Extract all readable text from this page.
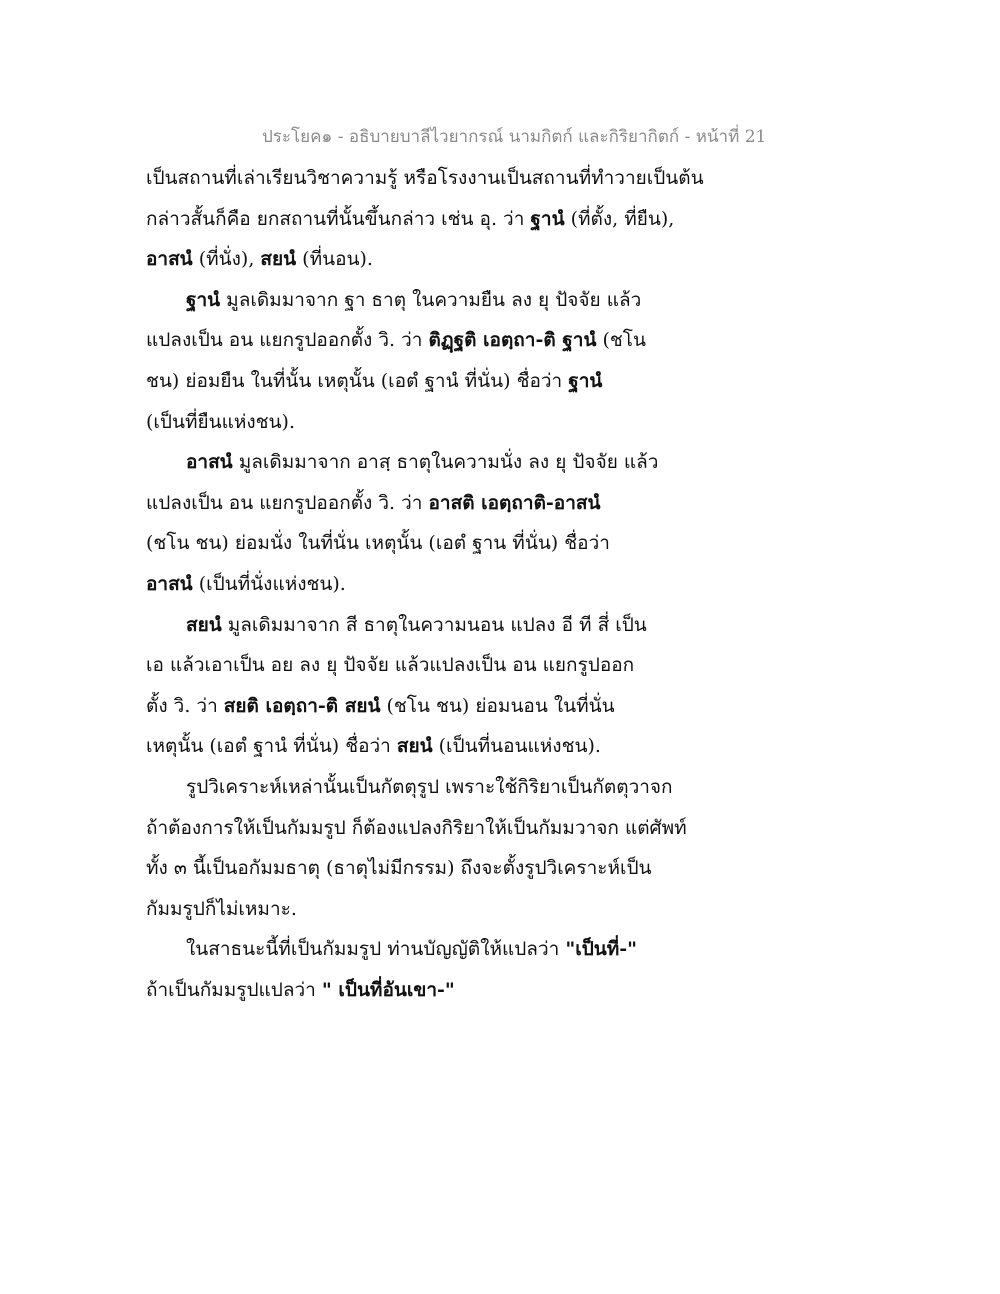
ประโยค๑ - อธิบายบาลีไวยากรณ์ นามกิตก์ และกิริยากิตก์ - หน้าที่ 21
เป็นสถานที่เล่าเรียนวิชาความรู้ หรือโรงงานเป็นสถานที่ทำวายเป็นต้น
กล่าวสั้นก็คือ ยกสถานที่นั้นขึ้นกล่าว เช่น อุ. ว่า ฐานํ (ที่ตั้ง, ที่ยืน),
อาสนํ (ที่นั่ง), สยนํ (ที่นอน).
ฐานํ มูลเดิมมาจาก ฐา ธาตุ ในความยืน ลง ยุ ปัจจัย แล้ว
แปลงเป็น อน แยกรูปออกตั้ง วิ. ว่า ติฏฺฐติ เอตฺถา-ติ ฐานํ (ชโน
ชน) ย่อมยืน ในที่นั้น เหตุนั้น (เอตํ ฐานํ ที่นั่น) ชื่อว่า ฐานํ
(เป็นที่ยืนแห่งชน).
อาสนํ มูลเดิมมาจาก อาสฺ ธาตุในความนั่ง ลง ยุ ปัจจัย แล้ว
แปลงเป็น อน แยกรูปออกตั้ง วิ. ว่า อาสติ เอตฺถาติ-อาสนํ
(ชโน ชน) ย่อมนั่ง ในที่นั่น เหตุนั้น (เอตํ ฐาน ที่นั่น) ชื่อว่า
อาสนํ (เป็นที่นั่งแห่งชน).
สยนํ มูลเดิมมาจาก สี ธาตุในความนอน แปลง อี ที สี่ เป็น
เอ แล้วเอาเป็น อย ลง ยุ ปัจจัย แล้วแปลงเป็น อน แยกรูปออก
ตั้ง วิ. ว่า สยติ เอตฺถา-ติ สยนํ (ชโน ชน) ย่อมนอน ในที่นั่น
เหตุนั้น (เอตํ ฐานํ ที่นั่น) ชื่อว่า สยนํ (เป็นที่นอนแห่งชน).
รูปวิเคราะห์เหล่านั้นเป็นกัตตุรูป เพราะใช้กิริยาเป็นกัตตุวาจก
ถ้าต้องการให้เป็นกัมมรูป ก็ต้องแปลงกิริยาให้เป็นกัมมวาจก แต่ศัพท์
ทั้ง ๓ นี้เป็นอกัมมธาตุ (ธาตุไม่มีกรรม) ถึงจะตั้งรูปวิเคราะห์เป็น
กัมมรูปก็ไม่เหมาะ.
ในสาธนะนี้ที่เป็นกัมมรูป ท่านบัญญัติให้แปลว่า "เป็นที่-"
ถ้าเป็นกัมมรูปแปลว่า " เป็นที่อันเขา-"
